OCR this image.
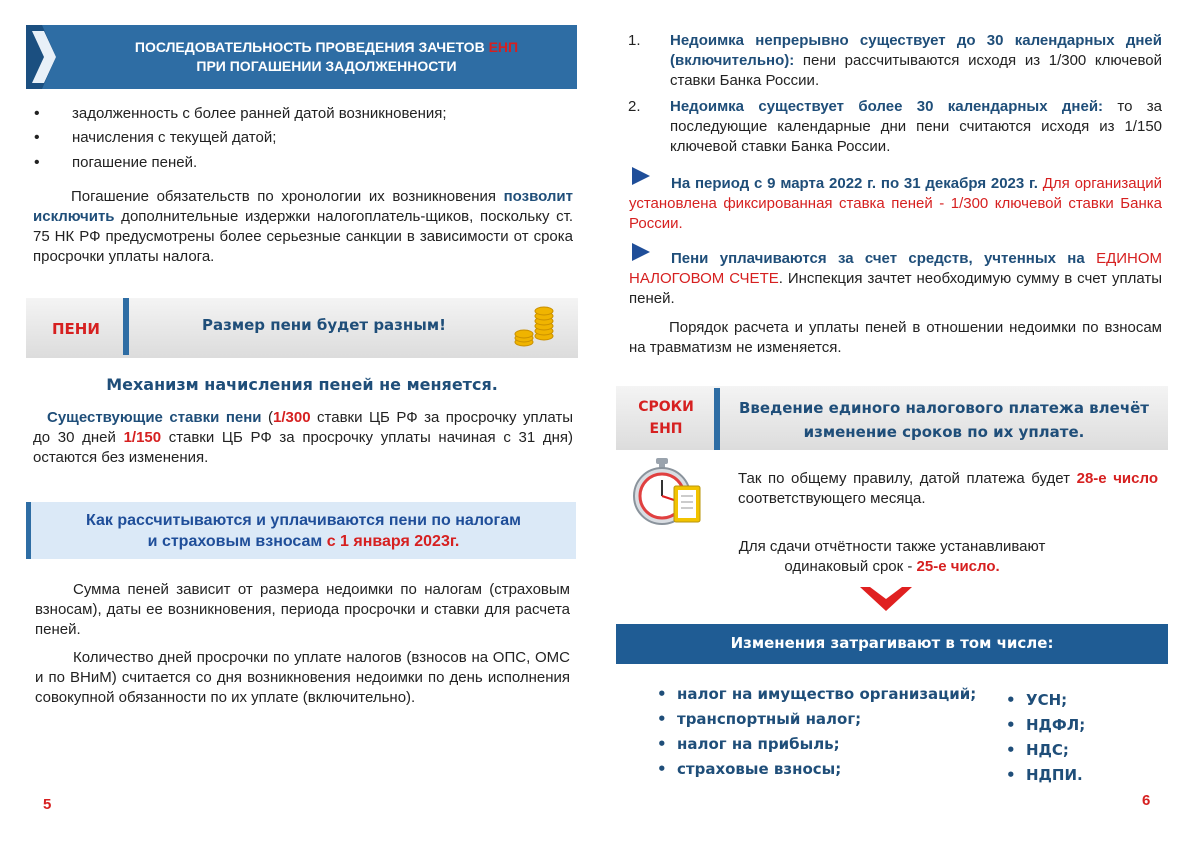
ПОСЛЕДОВАТЕЛЬНОСТЬ ПРОВЕДЕНИЯ ЗАЧЕТОВ ЕНП
ПРИ ПОГАШЕНИИ ЗАДОЛЖЕННОСТИ
• задолженность с более ранней датой возникновения;
• начисления с текущей датой;
• погашение пеней.
Погашение обязательств по хронологии их возникновения позволит исключить дополнительные издержки налогоплатель-щиков, поскольку ст. 75 НК РФ предусмотрены более серьезные санкции в зависимости от срока просрочки уплаты налога.
ПЕНИ	Размер пени будет разным!
Механизм начисления пеней не меняется.
Существующие ставки пени (1/300 ставки ЦБ РФ за просрочку уплаты до 30 дней 1/150 ставки ЦБ РФ за просрочку уплаты начиная с 31 дня) остаются без изменения.
Как рассчитываются и уплачиваются пени по налогам
и страховым взносам с 1 января 2023г.
Сумма пеней зависит от размера недоимки по налогам (страховым взносам), даты ее возникновения, периода просрочки и ставки для расчета пеней.
Количество дней просрочки по уплате налогов (взносов на ОПС, ОМС и по ВНиМ) считается со дня возникновения недоимки по день исполнения совокупной обязанности по их уплате (включительно).
5
1. Недоимка непрерывно существует до 30 календарных дней (включительно): пени рассчитываются исходя из 1/300 ключевой ставки Банка России.
2. Недоимка существует более 30 календарных дней: то за последующие календарные дни пени считаются исходя из 1/150 ключевой ставки Банка России.
На период с 9 марта 2022 г. по 31 декабря 2023 г. Для организаций установлена фиксированная ставка пеней - 1/300 ключевой ставки Банка России.
Пени уплачиваются за счет средств, учтенных на ЕДИНОМ НАЛОГОВОМ СЧЕТЕ. Инспекция зачтет необходимую сумму в счет уплаты пеней.
Порядок расчета и уплаты пеней в отношении недоимки по взносам на травматизм не изменяется.
СРОКИ
ЕНП
Введение единого налогового платежа влечёт
изменение сроков по их уплате.
Так по общему правилу, датой платежа будет 28-е число соответствующего месяца.
Для сдачи отчётности также устанавливают
одинаковый срок - 25-е число.
Изменения затрагивают в том числе:
• налог на имущество организаций;
• транспортный налог;
• налог на прибыль;
• страховые взносы;
• УСН;
• НДФЛ;
• НДС;
• НДПИ.
6
